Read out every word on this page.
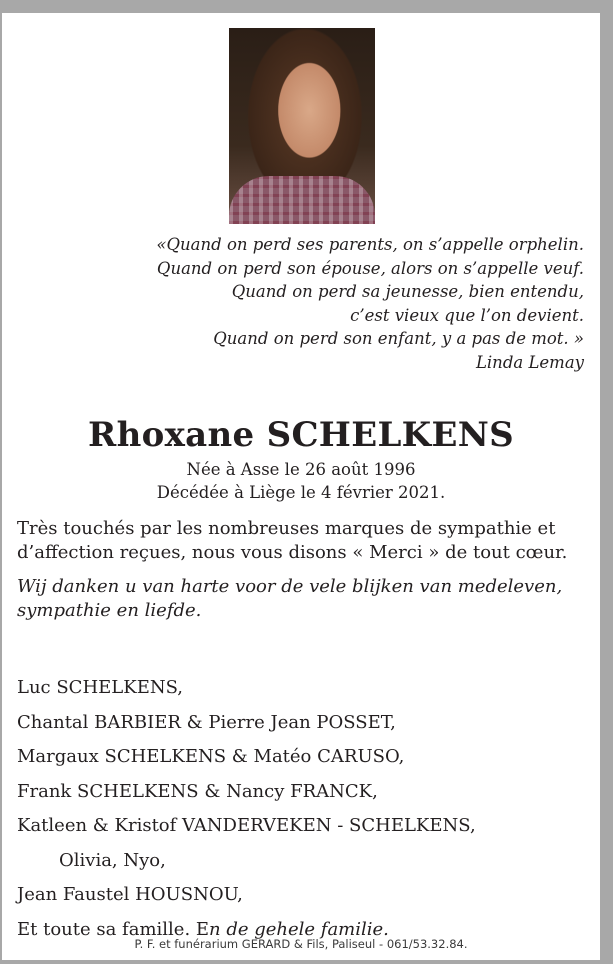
«Quand on perd ses parents, on s’appelle orphelin.
Quand on perd son épouse, alors on s’appelle veuf.
Quand on perd sa jeunesse, bien entendu,
c’est vieux que l’on devient.
Quand on perd son enfant, y a pas de mot. »
Linda Lemay
Rhoxane SCHELKENS
Née à Asse le 26 août 1996
Décédée à Liège le 4 février 2021.
Très touchés par les nombreuses marques de sympathie et d’affection reçues, nous vous disons « Merci » de tout cœur.
Wij danken u van harte voor de vele blijken van medeleven, sympathie en liefde.
Luc SCHELKENS,
Chantal BARBIER & Pierre Jean POSSET,
Margaux SCHELKENS & Matéo CARUSO,
Frank SCHELKENS & Nancy FRANCK,
Katleen & Kristof VANDERVEKEN - SCHELKENS,
Olivia, Nyo,
Jean Faustel HOUSNOU,
Et toute sa famille. En de gehele familie.
P. F. et funérarium GERARD & Fils, Paliseul - 061/53.32.84.
